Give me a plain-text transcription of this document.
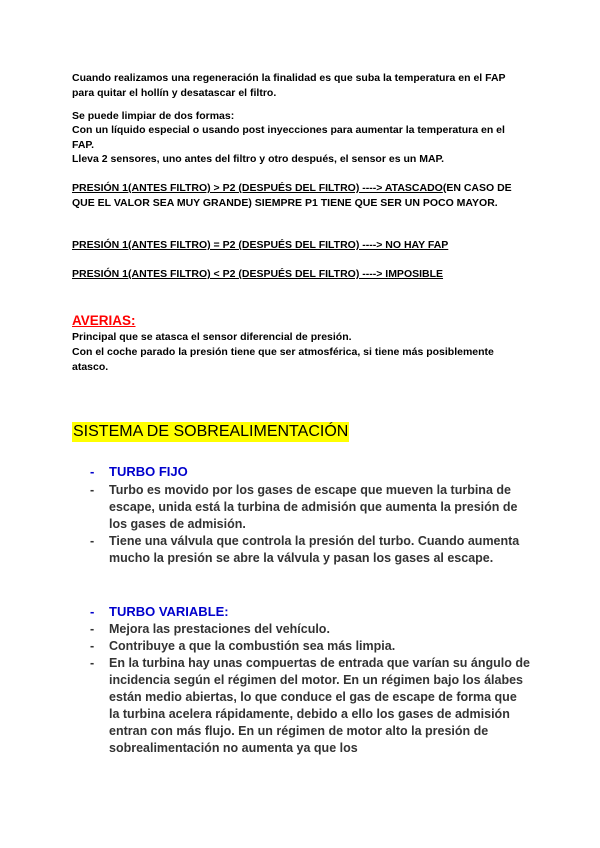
Cuando realizamos una regeneración la finalidad es que suba la temperatura en el FAP para quitar el hollín y desatascar el filtro.

Se puede limpiar de dos formas:

Con un líquido especial o usando post inyecciones para aumentar la temperatura en el FAP.

Lleva 2 sensores, uno antes del filtro y otro después, el sensor es un MAP.

PRESIÓN 1(ANTES FILTRO) > P2 (DESPUÉS DEL FILTRO) ----> ATASCADO(EN CASO DE QUE EL VALOR SEA MUY GRANDE) SIEMPRE P1 TIENE QUE SER UN POCO MAYOR.

PRESIÓN 1(ANTES FILTRO) = P2 (DESPUÉS DEL FILTRO) ----> NO HAY FAP

PRESIÓN 1(ANTES FILTRO) < P2 (DESPUÉS DEL FILTRO) ----> IMPOSIBLE

AVERIAS:

Principal que se atasca el sensor diferencial de presión.

Con el coche parado la presión tiene que ser atmosférica, si tiene más posiblemente atasco.

SISTEMA DE SOBREALIMENTACIÓN

- TURBO FIJO

- Turbo es movido por los gases de escape que mueven la turbina de escape, unida está la turbina de admisión que aumenta la presión de los gases de admisión.

- Tiene una válvula que controla la presión del turbo. Cuando aumenta mucho la presión se abre la válvula y pasan los gases al escape.

- TURBO VARIABLE:

- Mejora las prestaciones del vehículo.

- Contribuye a que la combustión sea más limpia.

- En la turbina hay unas compuertas de entrada que varían su ángulo de incidencia según el régimen del motor. En un régimen bajo los álabes están medio abiertas, lo que conduce el gas de escape de forma que la turbina acelera rápidamente, debido a ello los gases de admisión entran con más flujo. En un régimen de motor alto la presión de sobrealimentación no aumenta ya que los
